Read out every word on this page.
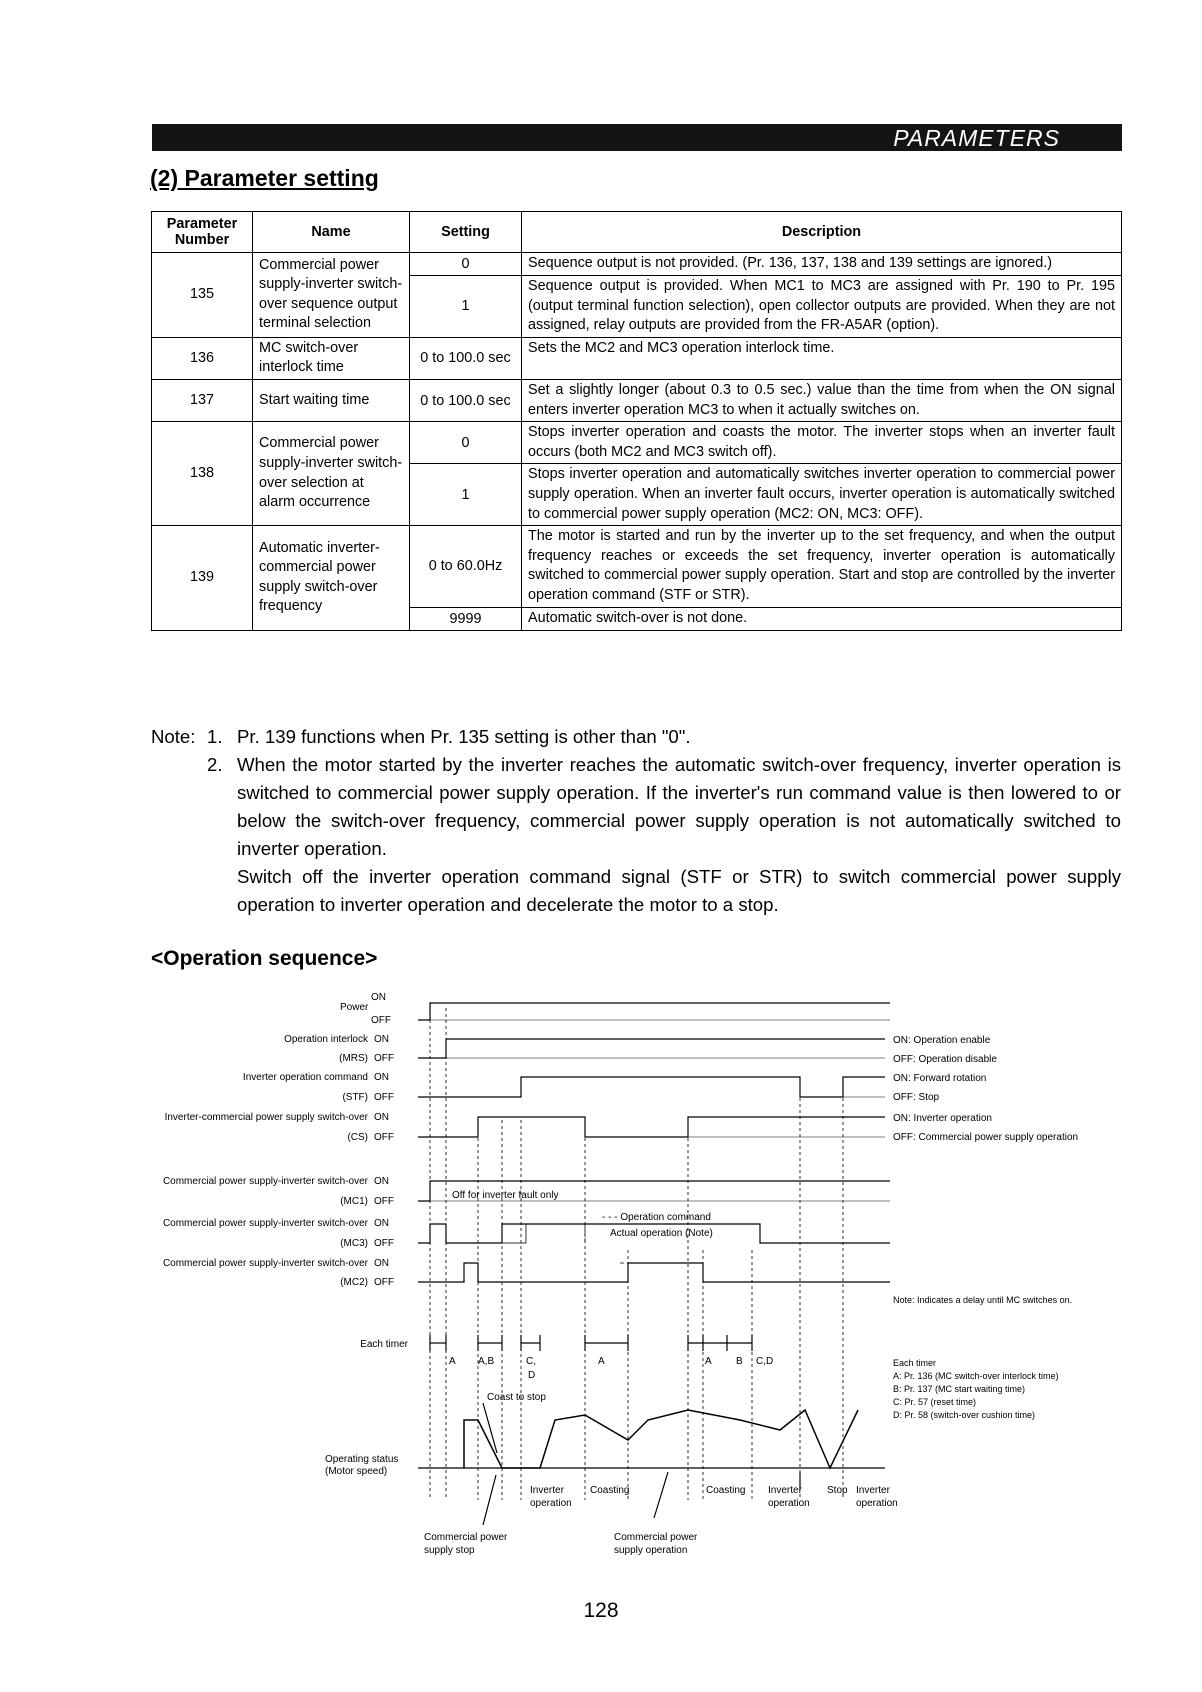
PARAMETERS
(2) Parameter setting
Parameter Number	Name	Setting	Description
135	Commercial power supply-inverter switch-over sequence output terminal selection	0	Sequence output is not provided. (Pr. 136, 137, 138 and 139 settings are ignored.)
		1	Sequence output is provided. When MC1 to MC3 are assigned with Pr. 190 to Pr. 195 (output terminal function selection), open collector outputs are provided. When they are not assigned, relay outputs are provided from the FR-A5AR (option).
136	MC switch-over interlock time	0 to 100.0 sec	Sets the MC2 and MC3 operation interlock time.
137	Start waiting time	0 to 100.0 sec	Set a slightly longer (about 0.3 to 0.5 sec.) value than the time from when the ON signal enters inverter operation MC3 to when it actually switches on.
138	Commercial power supply-inverter switch-over selection at alarm occurrence	0	Stops inverter operation and coasts the motor. The inverter stops when an inverter fault occurs (both MC2 and MC3 switch off).
		1	Stops inverter operation and automatically switches inverter operation to commercial power supply operation. When an inverter fault occurs, inverter operation is automatically switched to commercial power supply operation (MC2: ON, MC3: OFF).
139	Automatic inverter-commercial power supply switch-over frequency	0 to 60.0Hz	The motor is started and run by the inverter up to the set frequency, and when the output frequency reaches or exceeds the set frequency, inverter operation is automatically switched to commercial power supply operation. Start and stop are controlled by the inverter operation command (STF or STR).
		9999	Automatic switch-over is not done.
Note: 1. Pr. 139 functions when Pr. 135 setting is other than "0".

2. When the motor started by the inverter reaches the automatic switch-over frequency, inverter operation is switched to commercial power supply operation. If the inverter's run command value is then lowered to or below the switch-over frequency, commercial power supply operation is not automatically switched to inverter operation.

Switch off the inverter operation command signal (STF or STR) to switch commercial power supply operation to inverter operation and decelerate the motor to a stop.

<Operation sequence>
Power
ON
OFF
Operation interlock ON
(MRS) OFF
Inverter operation command ON
(STF) OFF
Inverter-commercial power supply switch-over ON
(CS) OFF
Commercial power supply-inverter switch-over ON
(MC1) OFF
Commercial power supply-inverter switch-over ON
(MC3) OFF
Commercial power supply-inverter switch-over ON
(MC2) OFF
ON: Operation enable
OFF: Operation disable
ON: Forward rotation
OFF: Stop
ON: Inverter operation
OFF: Commercial power supply operation
Off for inverter fault only
- - - Operation command
Actual operation (Note)
Note: Indicates a delay until MC switches on.
Each timer
A A,B	C,
D
A	A B C,D	Each timer
A: Pr. 136 (MC switch-over interlock time)
B: Pr. 137 (MC start waiting time)
C: Pr. 57 (reset time)
D: Pr. 58 (switch-over cushion time)
Coast to stop
Operating status
(Motor speed)
Inverter
operation
Coasting	Coasting Inverter
operation
Stop Inverter
operation
Commercial power
supply stop
Commercial power
supply operation
128
